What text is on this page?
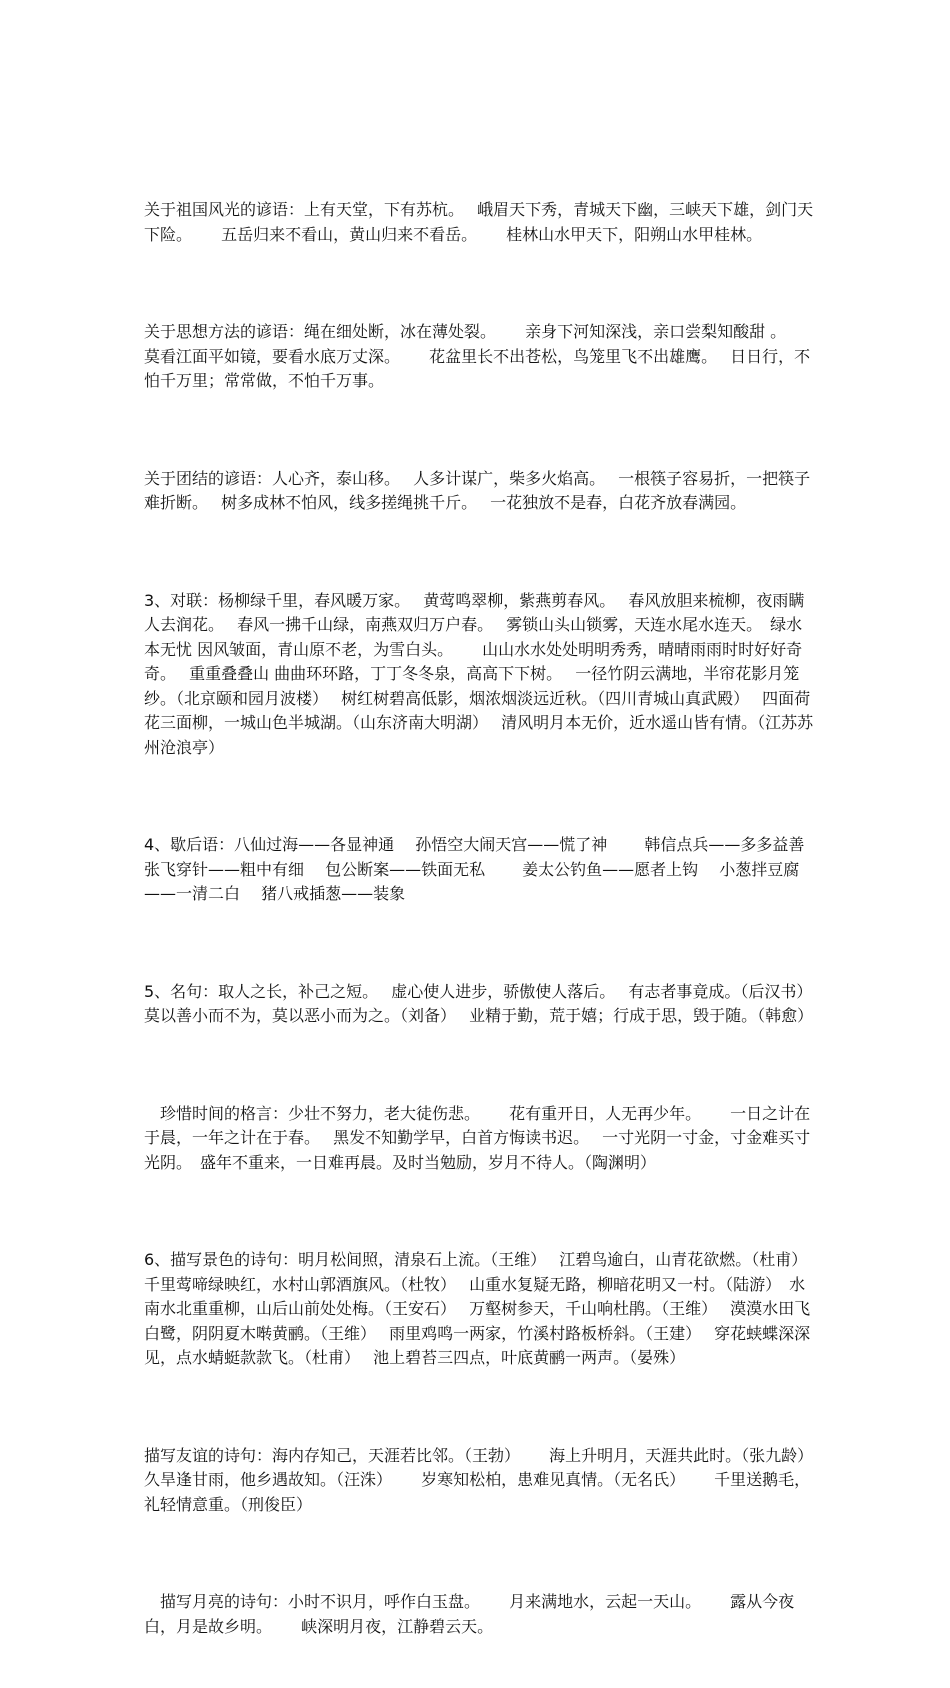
关于祖国风光的谚语：上有天堂，下有苏杭。　 峨眉天下秀，青城天下幽，三峡天下雄，剑门天下险。　　 五岳归来不看山，黄山归来不看岳。　　 桂林山水甲天下，阳朔山水甲桂林。

关于思想方法的谚语：绳在细处断，冰在薄处裂。　　 亲身下河知深浅，亲口尝梨知酸甜 。　　 莫看江面平如镜，要看水底万丈深。　　 花盆里长不出苍松，鸟笼里飞不出雄鹰。　 日日行，不怕千万里；常常做，不怕千万事。

关于团结的谚语：人心齐，泰山移。　 人多计谋广，柴多火焰高。　 一根筷子容易折，一把筷子难折断。　 树多成林不怕风，线多搓绳挑千斤。　 一花独放不是春，白花齐放春满园。

3、对联：杨柳绿千里，春风暖万家。　 黄莺鸣翠柳，紫燕剪春风。　 春风放胆来梳柳，夜雨瞒人去润花。　 春风一拂千山绿，南燕双归万户春。　 雾锁山头山锁雾，天连水尾水连天。　绿水本无忧 因风皱面，青山原不老，为雪白头。　　 山山水水处处明明秀秀，晴晴雨雨时时好好奇奇。　 重重叠叠山 曲曲环环路，丁丁冬冬泉，高高下下树。　 一径竹阴云满地，半帘花影月笼纱。（北京颐和园月波楼）　 树红树碧高低影，烟浓烟淡远近秋。（四川青城山真武殿）　 四面荷花三面柳，一城山色半城湖。（山东济南大明湖）　 清风明月本无价，近水遥山皆有情。（江苏苏州沧浪亭）

4、歇后语：八仙过海——各显神通　 孙悟空大闹天宫——慌了神　　 韩信点兵——多多益善　　 张飞穿针——粗中有细　 包公断案——铁面无私　　 姜太公钓鱼——愿者上钩　 小葱拌豆腐——一清二白　 猪八戒插葱——装象

5、名句：取人之长，补己之短。　 虚心使人进步，骄傲使人落后。　 有志者事竟成。（后汉书）　 莫以善小而不为，莫以恶小而为之。（刘备）　 业精于勤，荒于嬉；行成于思，毁于随。（韩愈）

　珍惜时间的格言：少壮不努力，老大徒伤悲。　　 花有重开日，人无再少年。　　 一日之计在于晨，一年之计在于春。　 黑发不知勤学早，白首方悔读书迟。　 一寸光阴一寸金，寸金难买寸光阴。　盛年不重来，一日难再晨。及时当勉励，岁月不待人。（陶渊明）

6、描写景色的诗句：明月松间照，清泉石上流。（王维）　 江碧鸟逾白，山青花欲燃。（杜甫）　 千里莺啼绿映红，水村山郭酒旗风。（杜牧）　 山重水复疑无路，柳暗花明又一村。（陆游）　水南水北重重柳，山后山前处处梅。（王安石）　 万壑树参天，千山响杜鹃。（王维）　 漠漠水田飞白鹭，阴阴夏木啭黄鹂。（王维）　 雨里鸡鸣一两家，竹溪村路板桥斜。（王建）　 穿花蛱蝶深深见，点水蜻蜓款款飞。（杜甫）　 池上碧苔三四点，叶底黄鹂一两声。（晏殊）

描写友谊的诗句：海内存知己，天涯若比邻。（王勃）　　 海上升明月，天涯共此时。（张九龄）　 久旱逢甘雨，他乡遇故知。（汪洙）　　 岁寒知松柏，患难见真情。（无名氏）　　 千里送鹅毛，礼轻情意重。（刑俊臣）

　描写月亮的诗句：小时不识月，呼作白玉盘。　　 月来满地水，云起一天山。　　 露从今夜白，月是故乡明。　　 峡深明月夜，江静碧云天。
